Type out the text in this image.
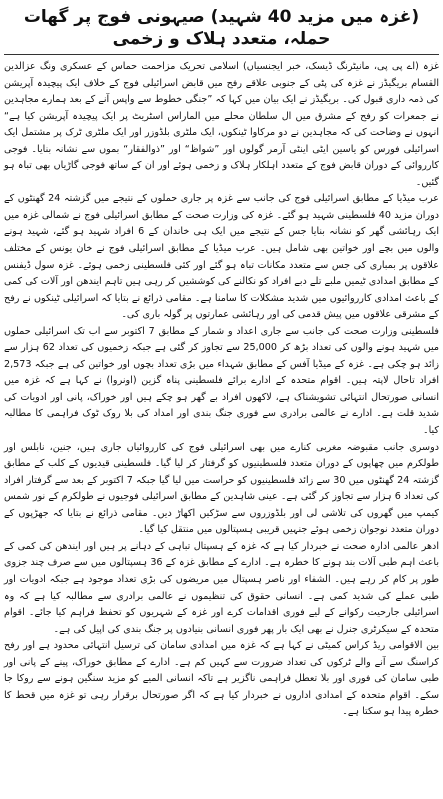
(غزہ میں مزید 40 شہید) صیہونی فوج پر گھات حملہ، متعدد ہلاک و زخمی

غزہ (اے پی پی، مانیٹرنگ ڈیسک، خبر ایجنسیاں) اسلامی تحریک مزاحمت حماس کے عسکری ونگ عزالدین القسام بریگیڈز نے غزہ کی پٹی کے جنوبی علاقے رفح میں قابض اسرائیلی فوج کے خلاف ایک پیچیدہ آپریشن کی ذمہ داری قبول کی۔ بریگیڈز نے ایک بیان میں کہا کہ ”جنگی خطوط سے واپس آنے کے بعد ہمارے مجاہدین نے جمعرات کو رفح کے مشرق میں ال سلطان محلے میں الماراس اسٹریٹ پر ایک پیچیدہ آپریشن کیا ہے“ انہوں نے وضاحت کی کہ مجاہدین نے دو مرکاوا ٹینکوں، ایک ملٹری بلڈوزر اور ایک ملٹری ٹرک پر مشتمل ایک اسرائیلی فورس کو یاسین ایٹی اینٹی آرمر گولوں اور ”شواظ“ اور ”ذوالفقار“ بموں سے نشانہ بنایا۔ فوجی کارروائی کے دوران قابض فوج کے متعدد اہلکار ہلاک و زخمی ہوئے اور ان کے ساتھ فوجی گاڑیاں بھی تباہ ہو گئیں۔

عرب میڈیا کے مطابق اسرائیلی فوج کی جانب سے غزہ پر جاری حملوں کے نتیجے میں گزشتہ 24 گھنٹوں کے دوران مزید 40 فلسطینی شہید ہو گئے۔ غزہ کی وزارت صحت کے مطابق اسرائیلی فوج نے شمالی غزہ میں ایک رہائشی گھر کو نشانہ بنایا جس کے نتیجے میں ایک ہی خاندان کے 6 افراد شہید ہو گئے، شہید ہونے والوں میں بچے اور خواتین بھی شامل ہیں۔ عرب میڈیا کے مطابق اسرائیلی فوج نے خان یونس کے مختلف علاقوں پر بمباری کی جس سے متعدد مکانات تباہ ہو گئے اور کئی فلسطینی زخمی ہوئے۔ غزہ سول ڈیفنس کے مطابق امدادی ٹیمیں ملبے تلے دبے افراد کو نکالنے کی کوششیں کر رہی ہیں تاہم ایندھن اور آلات کی کمی کے باعث امدادی کارروائیوں میں شدید مشکلات کا سامنا ہے۔ مقامی ذرائع نے بتایا کہ اسرائیلی ٹینکوں نے رفح کے مشرقی علاقوں میں پیش قدمی کی اور رہائشی عمارتوں پر گولہ باری کی۔

فلسطینی وزارت صحت کی جانب سے جاری اعداد و شمار کے مطابق 7 اکتوبر سے اب تک اسرائیلی حملوں میں شہید ہونے والوں کی تعداد بڑھ کر 25,000 سے تجاوز کر گئی ہے جبکہ زخمیوں کی تعداد 62 ہزار سے زائد ہو چکی ہے۔ غزہ کے میڈیا آفس کے مطابق شہداء میں بڑی تعداد بچوں اور خواتین کی ہے جبکہ 2,573 افراد تاحال لاپتہ ہیں۔ اقوام متحدہ کے ادارے برائے فلسطینی پناہ گزین (اونروا) نے کہا ہے کہ غزہ میں انسانی صورتحال انتہائی تشویشناک ہے، لاکھوں افراد بے گھر ہو چکے ہیں اور خوراک، پانی اور ادویات کی شدید قلت ہے۔ ادارے نے عالمی برادری سے فوری جنگ بندی اور امداد کی بلا روک ٹوک فراہمی کا مطالبہ کیا۔

دوسری جانب مقبوضہ مغربی کنارے میں بھی اسرائیلی فوج کی کارروائیاں جاری ہیں، جنین، نابلس اور طولکرم میں چھاپوں کے دوران متعدد فلسطینیوں کو گرفتار کر لیا گیا۔ فلسطینی قیدیوں کے کلب کے مطابق گزشتہ 24 گھنٹوں میں 30 سے زائد فلسطینیوں کو حراست میں لیا گیا جبکہ 7 اکتوبر کے بعد سے گرفتار افراد کی تعداد 6 ہزار سے تجاوز کر گئی ہے۔ عینی شاہدین کے مطابق اسرائیلی فوجیوں نے طولکرم کے نور شمس کیمپ میں گھروں کی تلاشی لی اور بلڈوزروں سے سڑکیں اکھاڑ دیں۔ مقامی ذرائع نے بتایا کہ جھڑپوں کے دوران متعدد نوجوان زخمی ہوئے جنہیں قریبی ہسپتالوں میں منتقل کیا گیا۔

ادھر عالمی ادارہ صحت نے خبردار کیا ہے کہ غزہ کے ہسپتال تباہی کے دہانے پر ہیں اور ایندھن کی کمی کے باعث اہم طبی آلات بند ہونے کا خطرہ ہے۔ ادارے کے مطابق غزہ کے 36 ہسپتالوں میں سے صرف چند جزوی طور پر کام کر رہے ہیں۔ الشفاء اور ناصر ہسپتال میں مریضوں کی بڑی تعداد موجود ہے جبکہ ادویات اور طبی عملے کی شدید کمی ہے۔ انسانی حقوق کی تنظیموں نے عالمی برادری سے مطالبہ کیا ہے کہ وہ اسرائیلی جارحیت رکوانے کے لیے فوری اقدامات کرے اور غزہ کے شہریوں کو تحفظ فراہم کیا جائے۔ اقوام متحدہ کے سیکرٹری جنرل نے بھی ایک بار پھر فوری انسانی بنیادوں پر جنگ بندی کی اپیل کی ہے۔

بین الاقوامی ریڈ کراس کمیٹی نے کہا ہے کہ غزہ میں امدادی سامان کی ترسیل انتہائی محدود ہے اور رفح کراسنگ سے آنے والے ٹرکوں کی تعداد ضرورت سے کہیں کم ہے۔ ادارے کے مطابق خوراک، پینے کے پانی اور طبی سامان کی فوری اور بلا تعطل فراہمی ناگزیر ہے تاکہ انسانی المیے کو مزید سنگین ہونے سے روکا جا سکے۔ اقوام متحدہ کے امدادی اداروں نے خبردار کیا ہے کہ اگر صورتحال برقرار رہی تو غزہ میں قحط کا خطرہ پیدا ہو سکتا ہے۔
